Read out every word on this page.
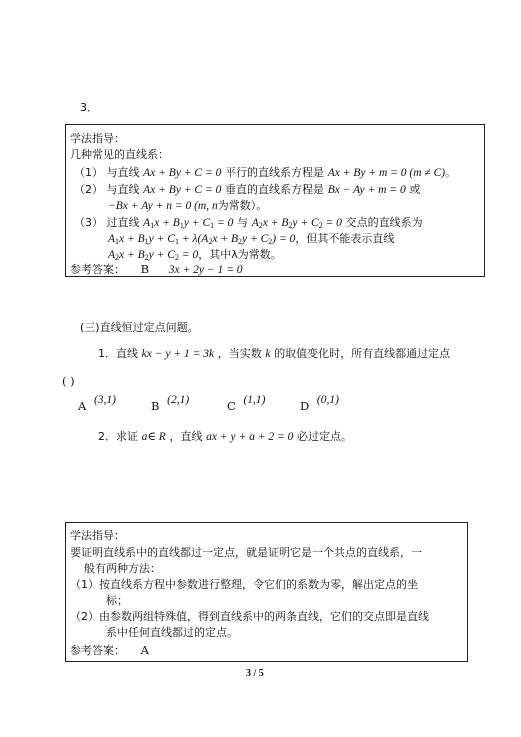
3．
学法指导：
几种常见的直线系：
（1） 与直线 Ax + By + C = 0 平行的直线系方程是 Ax + By + m = 0 (m ≠ C)。
（2） 与直线 Ax + By + C = 0 垂直的直线系方程是 Bx − Ay + m = 0 或
−Bx + Ay + n = 0 (m, n为常数）。
（3） 过直线 $A_1x + B_1y + C_1 = 0$ 与 $A_2x + B_2y + C_2 = 0$ 交点的直线系为
$A_1x + B_1y + C_1 + \lambda(A_2x + B_2y + C_2) = 0$，但其不能表示直线
$A_2x + B_2y + C_2 = 0$，其中λ为常数。
参考答案： B 3x + 2y − 1 = 0
(三)直线恒过定点问题。
1．直线 kx − y + 1 = 3k ，当实数 k 的取值变化时，所有直线都通过定点
( )
A (3,1)	B (2,1)	C (1,1)	D (0,1)
2．求证 a∈ R ，直线 ax + y + a + 2 = 0 必过定点。
学法指导：
要证明直线系中的直线都过一定点，就是证明它是一个共点的直线系，一
般有两种方法：
（1）按直线系方程中参数进行整理，令它们的系数为零，解出定点的坐
标；
（2）由参数两组特殊值，得到直线系中的两条直线，它们的交点即是直线
系中任何直线都过的定点。
参考答案： A
3 / 5
